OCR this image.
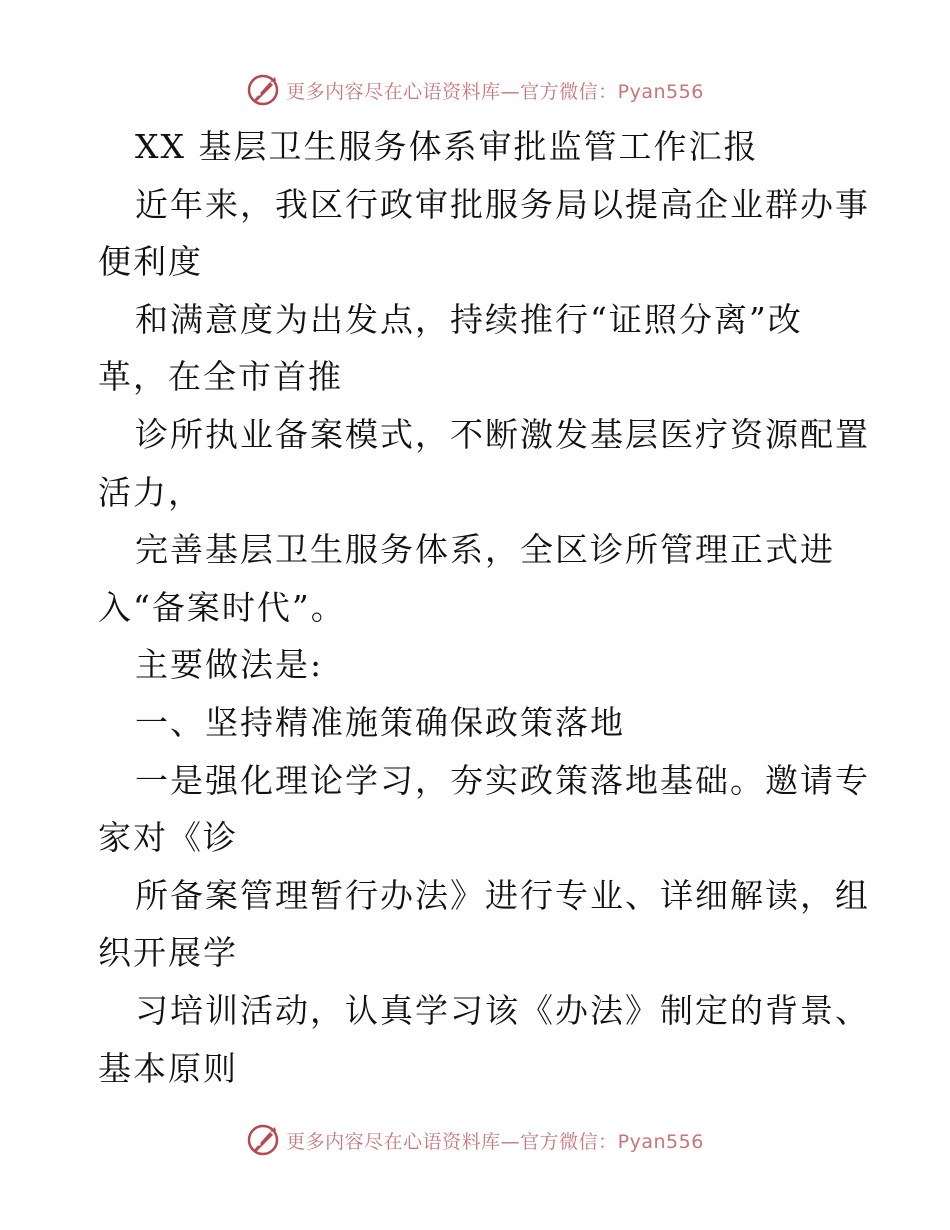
更多内容尽在心语资料库—官方微信：Pyan556
XX 基层卫生服务体系审批监管工作汇报
近年来，我区行政审批服务局以提高企业群办事
便利度
和满意度为出发点，持续推行“证照分离”改
革，在全市首推
诊所执业备案模式，不断激发基层医疗资源配置
活力，
完善基层卫生服务体系，全区诊所管理正式进
入“备案时代”。
主要做法是:
一、坚持精准施策确保政策落地
一是强化理论学习，夯实政策落地基础。邀请专
家对《诊
所备案管理暂行办法》进行专业、详细解读，组
织开展学
习培训活动，认真学习该《办法》制定的背景、
基本原则
更多内容尽在心语资料库—官方微信：Pyan556
